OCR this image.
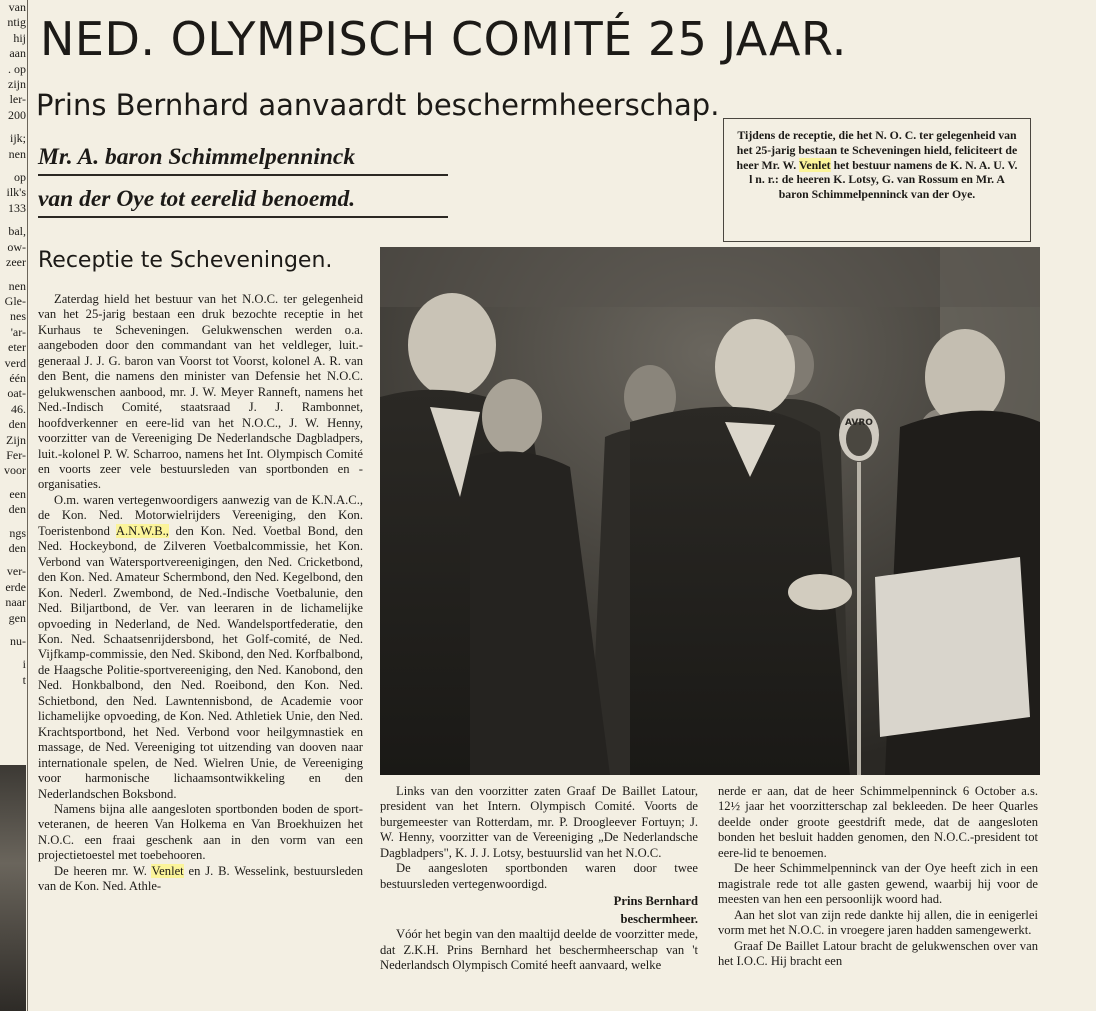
van
ntig
hij
aan
. op
zijn
ler-
200
ijk;
nen
op
ilk's
133
bal,
ow-
zeer
nen
Gle-
nes
'ar-
eter
verd
één
oat-
46.
den
Zijn
Fer-
voor
een
den
ngs
den
ver-
erde
naar
gen
nu-
i
t
NED. OLYMPISCH COMITÉ 25 JAAR.
Prins Bernhard aanvaardt beschermheerschap.
Mr. A. baron Schimmelpenninck
van der Oye tot eerelid benoemd.
Receptie te Scheveningen.
Tijdens de receptie, die het N. O. C. ter gelegenheid van het 25-jarig bestaan te Scheveningen hield, feliciteert de heer Mr. W. Venlet het bestuur namens de K. N. A. U. V. l n. r.: de heeren K. Lotsy, G. van Rossum en Mr. A baron Schimmelpenninck van der Oye.
AVRO

Zaterdag hield het bestuur van het N.O.C. ter gelegenheid van het 25-jarig bestaan een druk bezochte receptie in het Kurhaus te Scheveningen. Gelukwenschen werden o.a. aangeboden door den commandant van het veldleger, luit.-generaal J. J. G. baron van Voorst tot Voorst, kolonel A. R. van den Bent, die namens den minister van Defensie het N.O.C. gelukwenschen aanbood, mr. J. W. Meyer Ranneft, namens het Ned.-Indisch Comité, staatsraad J. J. Rambonnet, hoofdverkenner en eere-lid van het N.O.C., J. W. Henny, voorzitter van de Vereeniging De Nederlandsche Dagbladpers, luit.-kolonel P. W. Scharroo, namens het Int. Olympisch Comité en voorts zeer vele bestuursleden van sportbonden en -organisaties.

O.m. waren vertegenwoordigers aanwezig van de K.N.A.C., de Kon. Ned. Motorwielrijders Vereeniging, den Kon. Toeristenbond A.N.W.B., den Kon. Ned. Voetbal Bond, den Ned. Hockeybond, de Zilveren Voetbalcommissie, het Kon. Verbond van Watersportvereenigingen, den Ned. Cricketbond, den Kon. Ned. Amateur Schermbond, den Ned. Kegelbond, den Kon. Nederl. Zwembond, de Ned.-Indische Voetbalunie, den Ned. Biljartbond, de Ver. van leeraren in de lichamelijke opvoeding in Nederland, de Ned. Wandelsportfederatie, den Kon. Ned. Schaatsenrijdersbond, het Golf-comité, de Ned. Vijfkamp-commissie, den Ned. Skibond, den Ned. Korfbalbond, de Haagsche Politie-sportvereeniging, den Ned. Kanobond, den Ned. Honkbalbond, den Ned. Roeibond, den Kon. Ned. Schietbond, den Ned. Lawntennisbond, de Academie voor lichamelijke opvoeding, de Kon. Ned. Athletiek Unie, den Ned. Krachtsportbond, het Ned. Verbond voor heilgymnastiek en massage, de Ned. Vereeniging tot uitzending van dooven naar internationale spelen, de Ned. Wielren Unie, de Vereeniging voor harmonische lichaamsontwikkeling en den Nederlandschen Boksbond.

Namens bijna alle aangesloten sportbonden boden de sport-veteranen, de heeren Van Holkema en Van Broekhuizen het N.O.C. een fraai geschenk aan in den vorm van een projectietoestel met toebehooren.

De heeren mr. W. Venlet en J. B. Wesselink, bestuursleden van de Kon. Ned. Athle-

Links van den voorzitter zaten Graaf De Baillet Latour, president van het Intern. Olympisch Comité. Voorts de burgemeester van Rotterdam, mr. P. Droogleever Fortuyn; J. W. Henny, voorzitter van de Vereeniging „De Nederlandsche Dagbladpers", K. J. J. Lotsy, bestuurslid van het N.O.C.

De aangesloten sportbonden waren door twee bestuursleden vertegenwoordigd.

Prins Bernhard

beschermheer.

Vóór het begin van den maaltijd deelde de voorzitter mede, dat Z.K.H. Prins Bernhard het beschermheerschap van 't Nederlandsch Olympisch Comité heeft aanvaard, welke

nerde er aan, dat de heer Schimmelpenninck 6 October a.s. 12½ jaar het voorzitterschap zal bekleeden. De heer Quarles deelde onder groote geestdrift mede, dat de aangesloten bonden het besluit hadden genomen, den N.O.C.-president tot eere-lid te benoemen.

De heer Schimmelpenninck van der Oye heeft zich in een magistrale rede tot alle gasten gewend, waarbij hij voor de meesten van hen een persoonlijk woord had.

Aan het slot van zijn rede dankte hij allen, die in eenigerlei vorm met het N.O.C. in vroegere jaren hadden samengewerkt.

Graaf De Baillet Latour bracht de gelukwenschen over van het I.O.C. Hij bracht een
